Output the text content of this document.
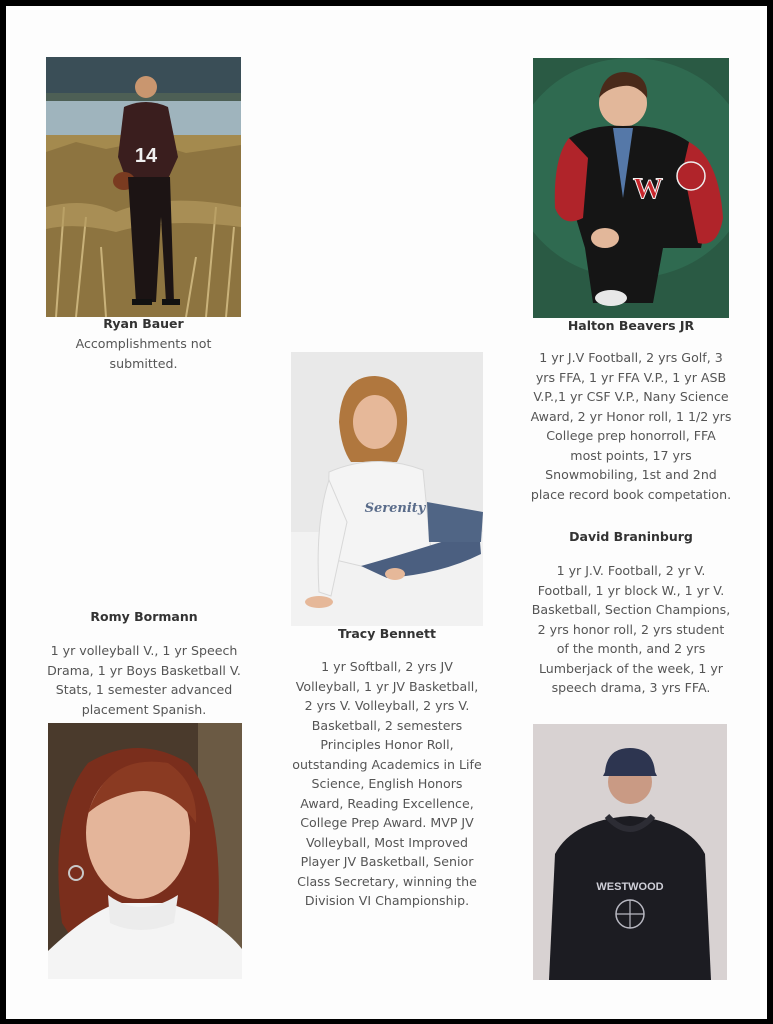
14
Ryan Bauer
Accomplishments not submitted.
W
Halton Beavers JR
1 yr J.V Football, 2 yrs Golf, 3 yrs FFA, 1 yr FFA V.P., 1 yr ASB V.P.,1 yr CSF V.P., Nany Science Award, 2 yr Honor roll, 1 1/2 yrs College prep honorroll, FFA most points, 17 yrs Snowmobiling, 1st and 2nd place record book competation.
Serenity
Tracy Bennett
1 yr Softball, 2 yrs JV Volleyball, 1 yr JV Basketball, 2 yrs V. Volleyball, 2 yrs V. Basketball, 2 semesters Principles Honor Roll, outstanding Academics in Life Science, English Honors Award, Reading Excellence, College Prep Award. MVP JV Volleyball, Most Improved Player JV Basketball, Senior Class Secretary, winning the Division VI Championship.
David Braninburg
1 yr J.V. Football, 2 yr V. Football, 1 yr block W., 1 yr V. Basketball, Section Champions, 2 yrs honor roll, 2 yrs student of the month, and 2 yrs Lumberjack of the week, 1 yr speech drama, 3 yrs FFA.
WESTWOOD
Romy Bormann
1 yr volleyball V., 1 yr Speech Drama, 1 yr Boys Basketball V. Stats, 1 semester advanced placement Spanish.
